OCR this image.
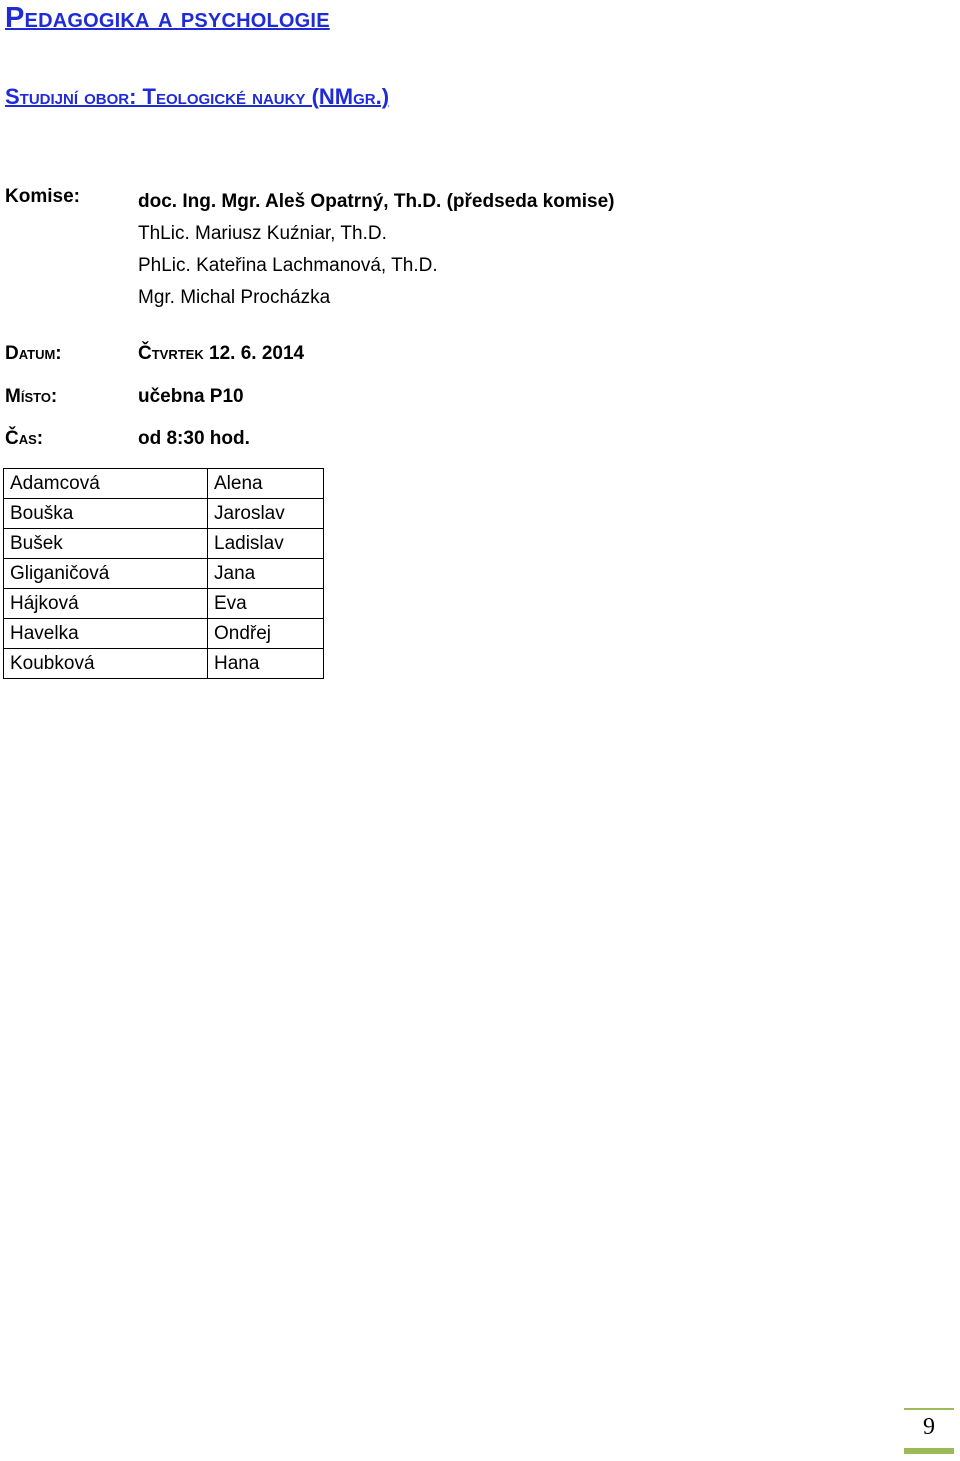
Pedagogika a psychologie
Studijní obor: Teologické nauky (NMgr.)
Komise:	doc. Ing. Mgr. Aleš Opatrný, Th.D. (předseda komise)
ThLic. Mariusz Kuźniar, Th.D.
PhLic. Kateřina Lachmanová, Th.D.
Mgr. Michal Procházka
Datum:	Čtvrtek 12. 6. 2014
Místo:	učebna P10
Čas:	od 8:30 hod.
Adamcová	Alena
Bouška	Jaroslav
Bušek	Ladislav
Gliganičová	Jana
Hájková	Eva
Havelka	Ondřej
Koubková	Hana
9
